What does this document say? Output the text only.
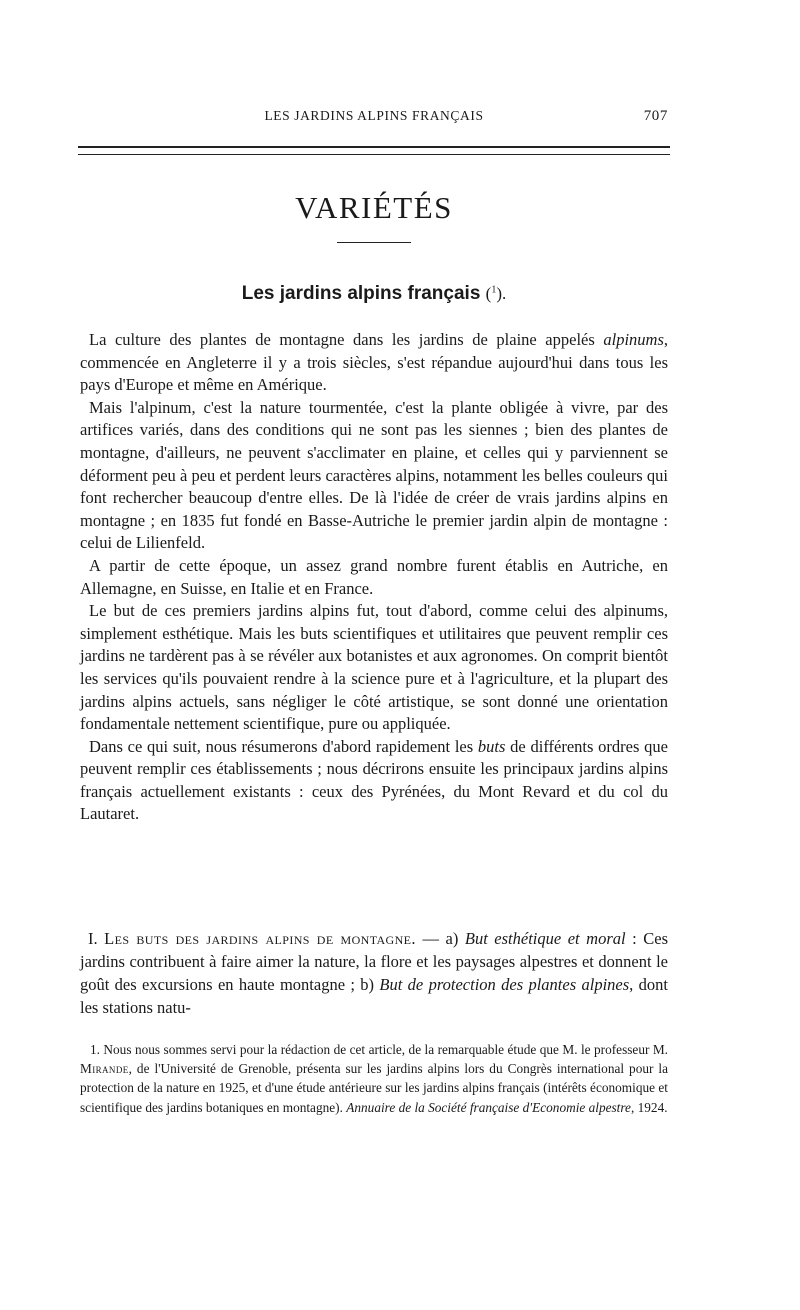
LES JARDINS ALPINS FRANÇAIS	707
VARIÉTÉS
Les jardins alpins français ($^1$).

La culture des plantes de montagne dans les jardins de plaine appelés alpinums, commencée en Angleterre il y a trois siècles, s'est répandue aujourd'hui dans tous les pays d'Europe et même en Amérique.

Mais l'alpinum, c'est la nature tourmentée, c'est la plante obligée à vivre, par des artifices variés, dans des conditions qui ne sont pas les siennes ; bien des plantes de montagne, d'ailleurs, ne peuvent s'acclimater en plaine, et celles qui y parviennent se déforment peu à peu et perdent leurs caractères alpins, notamment les belles couleurs qui font rechercher beaucoup d'entre elles. De là l'idée de créer de vrais jardins alpins en montagne ; en 1835 fut fondé en Basse-Autriche le premier jardin alpin de montagne : celui de Lilienfeld.

A partir de cette époque, un assez grand nombre furent établis en Autriche, en Allemagne, en Suisse, en Italie et en France.

Le but de ces premiers jardins alpins fut, tout d'abord, comme celui des alpinums, simplement esthétique. Mais les buts scientifiques et utilitaires que peuvent remplir ces jardins ne tardèrent pas à se révéler aux botanistes et aux agronomes. On comprit bientôt les services qu'ils pouvaient rendre à la science pure et à l'agriculture, et la plupart des jardins alpins actuels, sans négliger le côté artistique, se sont donné une orientation fondamentale nettement scientifique, pure ou appliquée.

Dans ce qui suit, nous résumerons d'abord rapidement les buts de différents ordres que peuvent remplir ces établissements ; nous décrirons ensuite les principaux jardins alpins français actuellement existants : ceux des Pyrénées, du Mont Revard et du col du Lautaret.

I. Les buts des jardins alpins de montagne. — a) But esthétique et moral : Ces jardins contribuent à faire aimer la nature, la flore et les paysages alpestres et donnent le goût des excursions en haute montagne ; b) But de protection des plantes alpines, dont les stations natu-

1. Nous nous sommes servi pour la rédaction de cet article, de la remarquable étude que M. le professeur M. Mirande, de l'Université de Grenoble, présenta sur les jardins alpins lors du Congrès international pour la protection de la nature en 1925, et d'une étude antérieure sur les jardins alpins français (intérêts économique et scientifique des jardins botaniques en montagne). Annuaire de la Société française d'Economie alpestre, 1924.
